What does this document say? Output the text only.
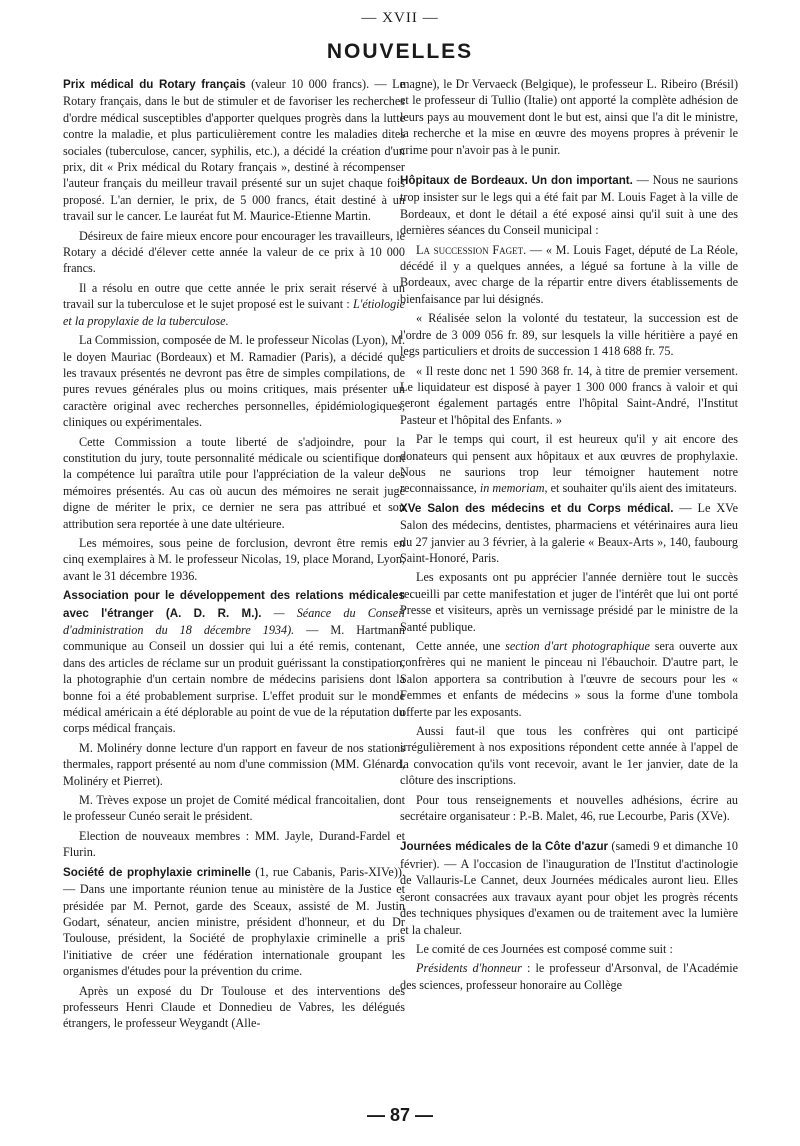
— XVII —
NOUVELLES

Prix médical du Rotary français (valeur 10 000 francs). — Le Rotary français, dans le but de stimuler et de favoriser les recherches d'ordre médical susceptibles d'apporter quelques progrès dans la lutte contre la maladie, et plus particulièrement contre les maladies dites sociales (tuberculose, cancer, syphilis, etc.), a décidé la création d'un prix, dit « Prix médical du Rotary français », destiné à récompenser l'auteur français du meilleur travail présenté sur un sujet chaque fois proposé. L'an dernier, le prix, de 5 000 francs, était destiné à un travail sur le cancer. Le lauréat fut M. Maurice-Etienne Martin.

Désireux de faire mieux encore pour encourager les travailleurs, le Rotary a décidé d'élever cette année la valeur de ce prix à 10 000 francs.

Il a résolu en outre que cette année le prix serait réservé à un travail sur la tuberculose et le sujet proposé est le suivant : L'étiologie et la propylaxie de la tuberculose.

La Commission, composée de M. le professeur Nicolas (Lyon), M. le doyen Mauriac (Bordeaux) et M. Ramadier (Paris), a décidé que les travaux présentés ne devront pas être de simples compilations, de pures revues générales plus ou moins critiques, mais présenter un caractère original avec recherches personnelles, épidémiologiques, cliniques ou expérimentales.

Cette Commission a toute liberté de s'adjoindre, pour la constitution du jury, toute personnalité médicale ou scientifique dont la compétence lui paraîtra utile pour l'appréciation de la valeur des mémoires présentés. Au cas où aucun des mémoires ne serait jugé digne de mériter le prix, ce dernier ne sera pas attribué et son attribution sera reportée à une date ultérieure.

Les mémoires, sous peine de forclusion, devront être remis en cinq exemplaires à M. le professeur Nicolas, 19, place Morand, Lyon, avant le 31 décembre 1936.

Association pour le développement des relations médicales avec l'étranger (A. D. R. M.). — Séance du Conseil d'administration du 18 décembre 1934). — M. Hartmann communique au Conseil un dossier qui lui a été remis, contenant, dans des articles de réclame sur un produit guérissant la constipation, la photographie d'un certain nombre de médecins parisiens dont la bonne foi a été probablement surprise. L'effet produit sur le monde médical américain a été déplorable au point de vue de la réputation du corps médical français.

M. Molinéry donne lecture d'un rapport en faveur de nos stations thermales, rapport présenté au nom d'une commission (MM. Glénard, Molinéry et Pierret).

M. Trèves expose un projet de Comité médical francoitalien, dont le professeur Cunéo serait le président.

Election de nouveaux membres : MM. Jayle, Durand-Fardel et Flurin.

Société de prophylaxie criminelle (1, rue Cabanis, Paris-XIVe)). — Dans une importante réunion tenue au ministère de la Justice et présidée par M. Pernot, garde des Sceaux, assisté de M. Justin Godart, sénateur, ancien ministre, président d'honneur, et du Dr Toulouse, président, la Société de prophylaxie criminelle a pris l'initiative de créer une fédération internationale groupant les organismes d'études pour la prévention du crime.

Après un exposé du Dr Toulouse et des interventions des professeurs Henri Claude et Donnedieu de Vabres, les délégués étrangers, le professeur Weygandt (Alle-

magne), le Dr Vervaeck (Belgique), le professeur L. Ribeiro (Brésil) et le professeur di Tullio (Italie) ont apporté la complète adhésion de leurs pays au mouvement dont le but est, ainsi que l'a dit le ministre, la recherche et la mise en œuvre des moyens propres à prévenir le crime pour n'avoir pas à le punir.

Hôpitaux de Bordeaux. Un don important. — Nous ne saurions trop insister sur le legs qui a été fait par M. Louis Faget à la ville de Bordeaux, et dont le détail a été exposé ainsi qu'il suit à une des dernières séances du Conseil municipal :

La succession Faget. — « M. Louis Faget, député de La Réole, décédé il y a quelques années, a légué sa fortune à la ville de Bordeaux, avec charge de la répartir entre divers établissements de bienfaisance par lui désignés.

« Réalisée selon la volonté du testateur, la succession est de l'ordre de 3 009 056 fr. 89, sur lesquels la ville héritière a payé en legs particuliers et droits de succession 1 418 688 fr. 75.

« Il reste donc net 1 590 368 fr. 14, à titre de premier versement. Le liquidateur est disposé à payer 1 300 000 francs à valoir et qui seront également partagés entre l'hôpital Saint-André, l'Institut Pasteur et l'hôpital des Enfants. »

Par le temps qui court, il est heureux qu'il y ait encore des donateurs qui pensent aux hôpitaux et aux œuvres de prophylaxie. Nous ne saurions trop leur témoigner hautement notre reconnaissance, in memoriam, et souhaiter qu'ils aient des imitateurs.

XVe Salon des médecins et du Corps médical. — Le XVe Salon des médecins, dentistes, pharmaciens et vétérinaires aura lieu du 27 janvier au 3 février, à la galerie « Beaux-Arts », 140, faubourg Saint-Honoré, Paris.

Les exposants ont pu apprécier l'année dernière tout le succès recueilli par cette manifestation et juger de l'intérêt que lui ont porté Presse et visiteurs, après un vernissage présidé par le ministre de la Santé publique.

Cette année, une section d'art photographique sera ouverte aux confrères qui ne manient le pinceau ni l'ébauchoir. D'autre part, le Salon apportera sa contribution à l'œuvre de secours pour les « Femmes et enfants de médecins » sous la forme d'une tombola offerte par les exposants.

Aussi faut-il que tous les confrères qui ont participé irrégulièrement à nos expositions répondent cette année à l'appel de la convocation qu'ils vont recevoir, avant le 1er janvier, date de la clôture des inscriptions.

Pour tous renseignements et nouvelles adhésions, écrire au secrétaire organisateur : P.-B. Malet, 46, rue Lecourbe, Paris (XVe).

Journées médicales de la Côte d'azur (samedi 9 et dimanche 10 février). — A l'occasion de l'inauguration de l'Institut d'actinologie de Vallauris-Le Cannet, deux Journées médicales auront lieu. Elles seront consacrées aux travaux ayant pour objet les progrès récents des techniques physiques d'examen ou de traitement avec la lumière et la chaleur.

Le comité de ces Journées est composé comme suit :

Présidents d'honneur : le professeur d'Arsonval, de l'Académie des sciences, professeur honoraire au Collège

— 87 —
